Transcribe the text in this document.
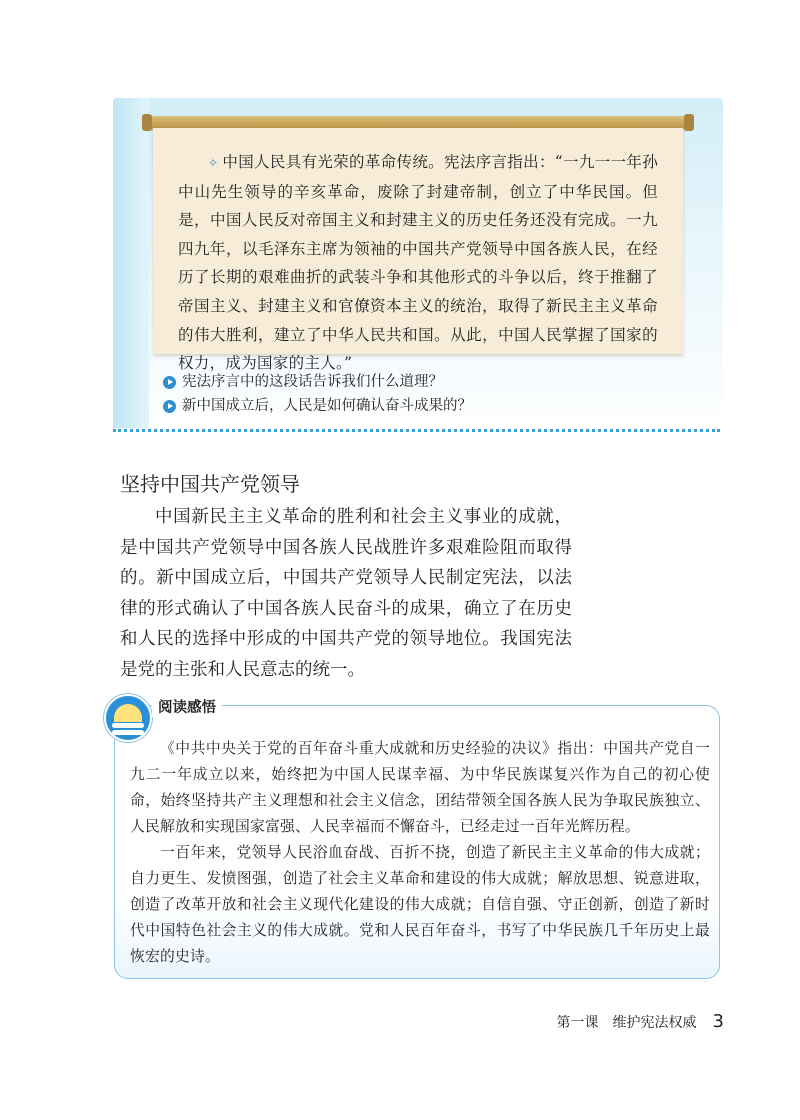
✧ 中国人民具有光荣的革命传统。宪法序言指出：“一九一一年孙中山先生领导的辛亥革命，废除了封建帝制，创立了中华民国。但是，中国人民反对帝国主义和封建主义的历史任务还没有完成。一九四九年，以毛泽东主席为领袖的中国共产党领导中国各族人民，在经历了长期的艰难曲折的武装斗争和其他形式的斗争以后，终于推翻了帝国主义、封建主义和官僚资本主义的统治，取得了新民主主义革命的伟大胜利，建立了中华人民共和国。从此，中国人民掌握了国家的权力，成为国家的主人。”
宪法序言中的这段话告诉我们什么道理？
新中国成立后，人民是如何确认奋斗成果的？
坚持中国共产党领导
中国新民主主义革命的胜利和社会主义事业的成就，是中国共产党领导中国各族人民战胜许多艰难险阻而取得的。新中国成立后，中国共产党领导人民制定宪法，以法律的形式确认了中国各族人民奋斗的成果，确立了在历史和人民的选择中形成的中国共产党的领导地位。我国宪法是党的主张和人民意志的统一。
阅读感悟

《中共中央关于党的百年奋斗重大成就和历史经验的决议》指出：中国共产党自一九二一年成立以来，始终把为中国人民谋幸福、为中华民族谋复兴作为自己的初心使命，始终坚持共产主义理想和社会主义信念，团结带领全国各族人民为争取民族独立、人民解放和实现国家富强、人民幸福而不懈奋斗，已经走过一百年光辉历程。

一百年来，党领导人民浴血奋战、百折不挠，创造了新民主主义革命的伟大成就；自力更生、发愤图强，创造了社会主义革命和建设的伟大成就；解放思想、锐意进取，创造了改革开放和社会主义现代化建设的伟大成就；自信自强、守正创新，创造了新时代中国特色社会主义的伟大成就。党和人民百年奋斗，书写了中华民族几千年历史上最恢宏的史诗。

第一课　维护宪法权威 3
